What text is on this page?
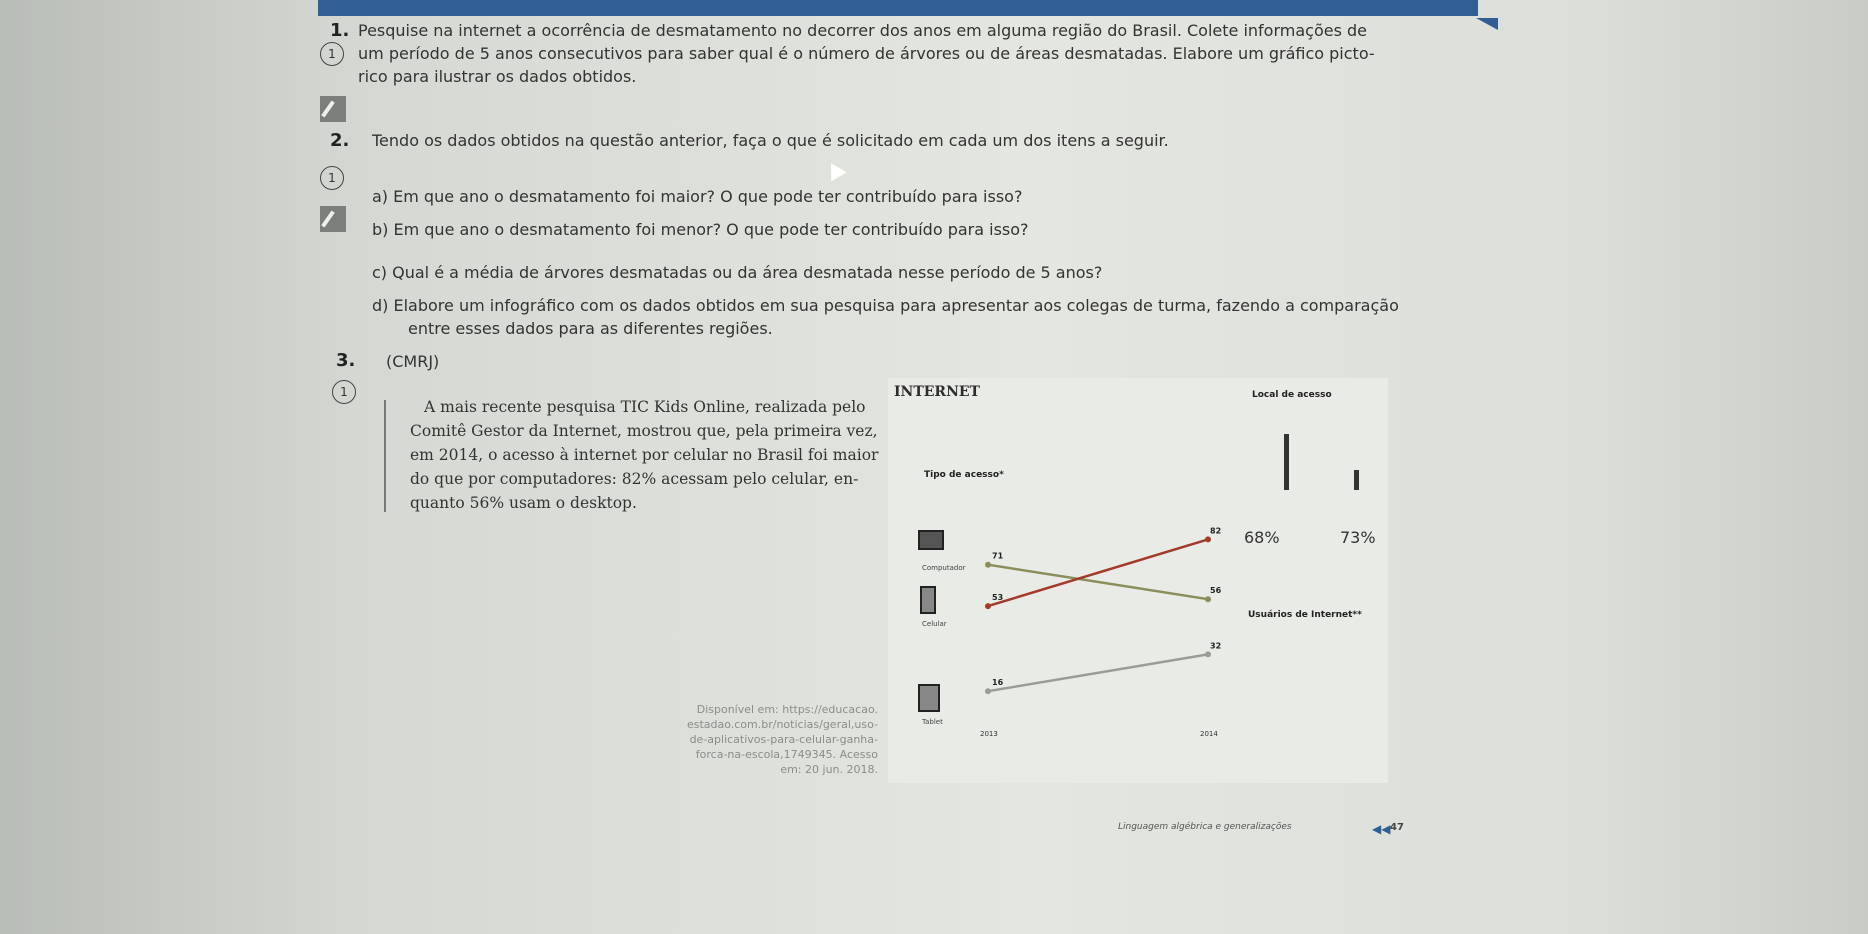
1. Pesquise na internet a ocorrência de desmatamento no decorrer dos anos em alguma região do Brasil. Colete informações de
1	um período de 5 anos consecutivos para saber qual é o número de árvores ou de áreas desmatadas. Elabore um gráfico picto-
rico para ilustrar os dados obtidos.
2. Tendo os dados obtidos na questão anterior, faça o que é solicitado em cada um dos itens a seguir.
1
a) Em que ano o desmatamento foi maior? O que pode ter contribuído para isso?
b) Em que ano o desmatamento foi menor? O que pode ter contribuído para isso?
c) Qual é a média de árvores desmatadas ou da área desmatada nesse período de 5 anos?
d) Elabore um infográfico com os dados obtidos em sua pesquisa para apresentar aos colegas de turma, fazendo a comparação
entre esses dados para as diferentes regiões.
3. (CMRJ)
1
A mais recente pesquisa TIC Kids Online, realizada pelo
Comitê Gestor da Internet, mostrou que, pela primeira vez,
em 2014, o acesso à internet por celular no Brasil foi maior
do que por computadores: 82% acessam pelo celular, en-
quanto 56% usam o desktop.
Disponível em: https://educacao.
estadao.com.br/noticias/geral,uso-
de-aplicativos-para-celular-ganha-
forca-na-escola,1749345. Acesso
em: 20 jun. 2018.
INTERNET	Local de acesso
Tipo de acesso*
71
56
53
82
16
32
2013	2014
Computador
Celular
Tablet
68%	73%
Usuários de Internet**
Linguagem algébrica e generalizações	◀◀ 47
